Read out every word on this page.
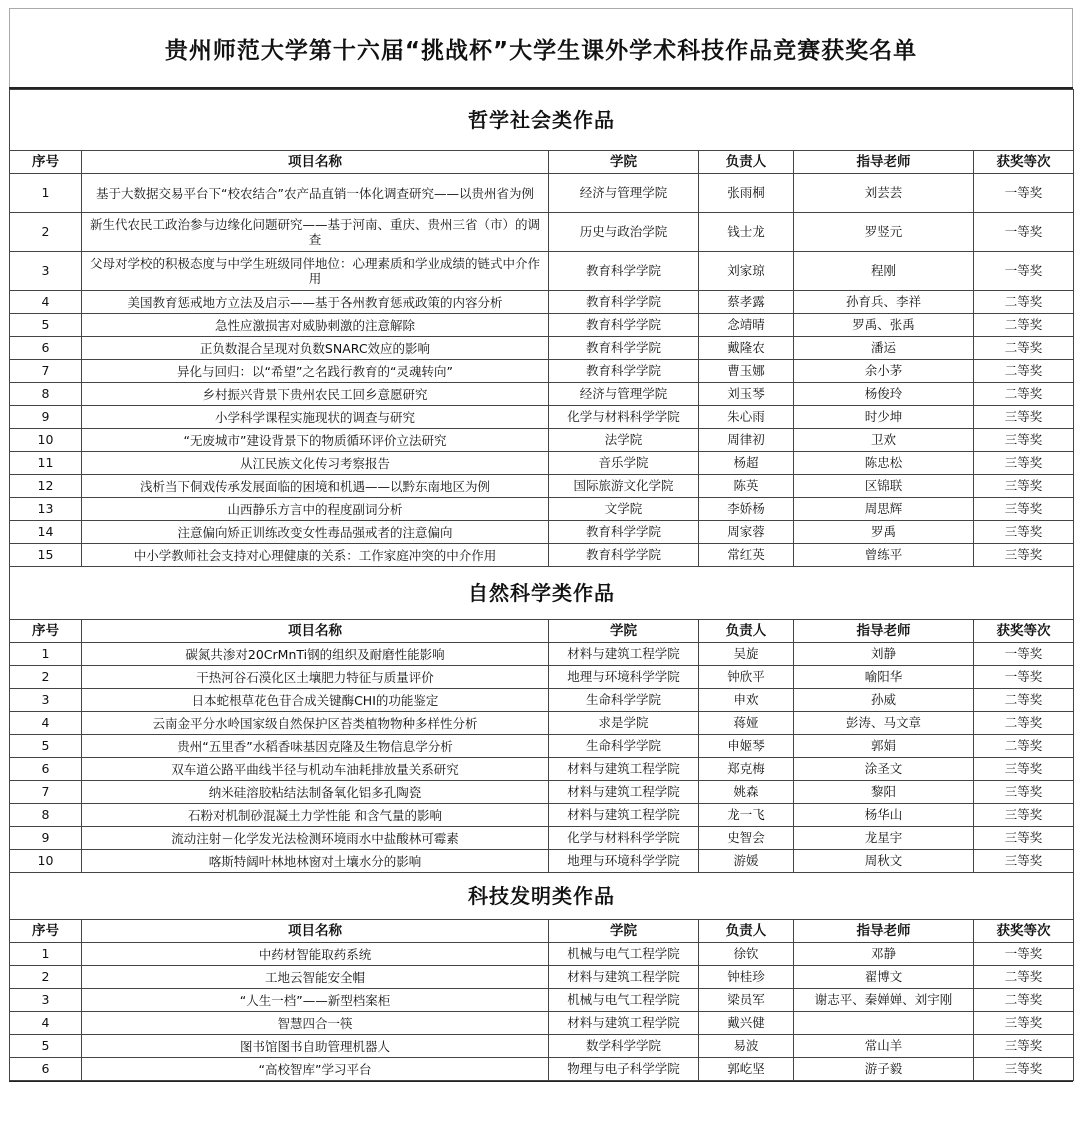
贵州师范大学第十六届“挑战杯”大学生课外学术科技作品竞赛获奖名单
哲学社会类作品					
序号	项目名称	学院	负责人	指导老师	获奖等次
1	基于大数据交易平台下“校农结合”农产品直销一体化调查研究——以贵州省为例	经济与管理学院	张雨桐	刘芸芸	一等奖
2	新生代农民工政治参与边缘化问题研究——基于河南、重庆、贵州三省（市）的调查	历史与政治学院	钱士龙	罗竖元	一等奖
3	父母对学校的积极态度与中学生班级同伴地位：心理素质和学业成绩的链式中介作用	教育科学学院	刘家琼	程刚	一等奖
4	美国教育惩戒地方立法及启示——基于各州教育惩戒政策的内容分析	教育科学学院	蔡孝露	孙育兵、李祥	二等奖
5	急性应激损害对威胁刺激的注意解除	教育科学学院	念靖晴	罗禹、张禹	二等奖
6	正负数混合呈现对负数SNARC效应的影响	教育科学学院	戴隆农	潘运	二等奖
7	异化与回归：以“希望”之名践行教育的“灵魂转向”	教育科学学院	曹玉娜	余小茅	二等奖
8	乡村振兴背景下贵州农民工回乡意愿研究	经济与管理学院	刘玉琴	杨俊玲	二等奖
9	小学科学课程实施现状的调查与研究	化学与材料科学学院	朱心雨	时少坤	三等奖
10	“无废城市”建设背景下的物质循环评价立法研究	法学院	周律初	卫欢	三等奖
11	从江民族文化传习考察报告	音乐学院	杨超	陈忠松	三等奖
12	浅析当下侗戏传承发展面临的困境和机遇——以黔东南地区为例	国际旅游文化学院	陈英	区锦联	三等奖
13	山西静乐方言中的程度副词分析	文学院	李娇杨	周思辉	三等奖
14	注意偏向矫正训练改变女性毒品强戒者的注意偏向	教育科学学院	周家蓉	罗禹	三等奖
15	中小学教师社会支持对心理健康的关系：工作家庭冲突的中介作用	教育科学学院	常红英	曾练平	三等奖
自然科学类作品					
序号	项目名称	学院	负责人	指导老师	获奖等次
1	碳氮共渗对20CrMnTi钢的组织及耐磨性能影响	材料与建筑工程学院	吴旋	刘静	一等奖
2	干热河谷石漠化区土壤肥力特征与质量评价	地理与环境科学学院	钟欣平	喻阳华	一等奖
3	日本蛇根草花色苷合成关键酶CHI的功能鉴定	生命科学学院	申欢	孙威	二等奖
4	云南金平分水岭国家级自然保护区苔类植物物种多样性分析	求是学院	蒋娅	彭涛、马文章	二等奖
5	贵州“五里香”水稻香味基因克隆及生物信息学分析	生命科学学院	申姬琴	郭娟	二等奖
6	双车道公路平曲线半径与机动车油耗排放量关系研究	材料与建筑工程学院	郑克梅	涂圣文	三等奖
7	纳米硅溶胶粘结法制备氧化铝多孔陶瓷	材料与建筑工程学院	姚森	黎阳	三等奖
8	石粉对机制砂混凝土力学性能 和含气量的影响	材料与建筑工程学院	龙一飞	杨华山	三等奖
9	流动注射－化学发光法检测环境雨水中盐酸林可霉素	化学与材料科学学院	史智会	龙星宇	三等奖
10	喀斯特阔叶林地林窗对土壤水分的影响	地理与环境科学学院	游媛	周秋文	三等奖
科技发明类作品					
序号	项目名称	学院	负责人	指导老师	获奖等次
1	中药材智能取药系统	机械与电气工程学院	徐钦	邓静	一等奖
2	工地云智能安全帽	材料与建筑工程学院	钟桂珍	翟博文	二等奖
3	“人生一档”——新型档案柜	机械与电气工程学院	梁员军	谢志平、秦婵婵、刘宇刚	二等奖
4	智慧四合一筷	材料与建筑工程学院	戴兴健		三等奖
5	图书馆图书自助管理机器人	数学科学学院	易波	常山羊	三等奖
6	“高校智库”学习平台	物理与电子科学学院	郭屹坚	游子毅	三等奖
